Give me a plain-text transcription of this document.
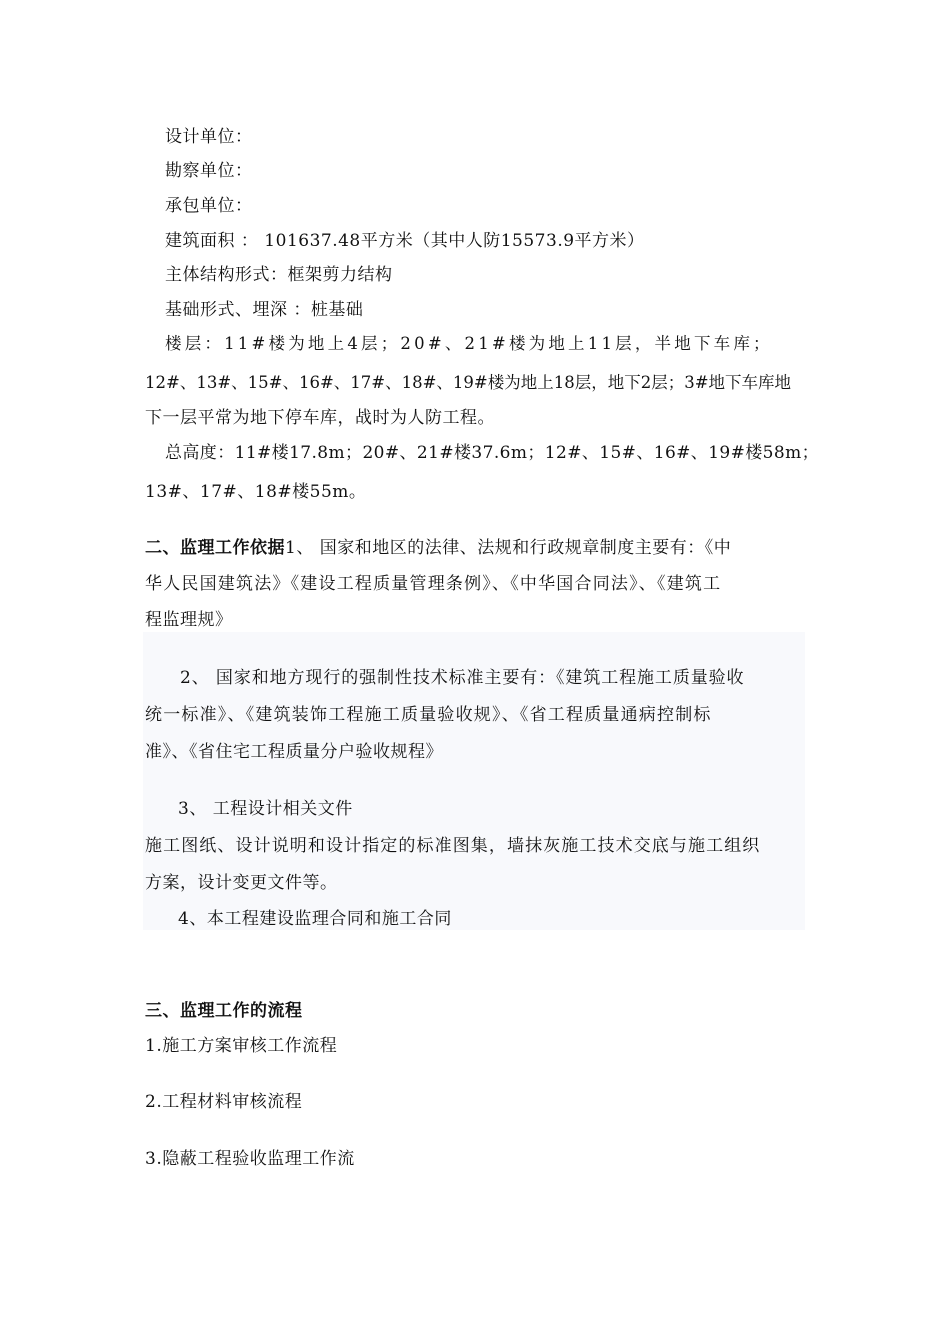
设计单位：
勘察单位：
承包单位：
建筑面积 ： 101637.48平方米（其中人防15573.9平方米）
主体结构形式：框架剪力结构
基础形式、埋深 ：桩基础
楼层：11#楼为地上4层；20#、21#楼为地上11层，半地下车库；
12#、13#、15#、16#、17#、18#、19#楼为地上18层，地下2层；3#地下车库地
下一层平常为地下停车库，战时为人防工程。
总高度：11#楼17.8m；20#、21#楼37.6m；12#、15#、16#、19#楼58m；
13#、17#、18#楼55m。
二、监理工作依据1、 国家和地区的法律、法规和行政规章制度主要有：《中
华人民国建筑法》《建设工程质量管理条例》、《中华国合同法》、《建筑工
程监理规》
2、 国家和地方现行的强制性技术标准主要有：《建筑工程施工质量验收
统一标准》、《建筑装饰工程施工质量验收规》、《省工程质量通病控制标
准》、《省住宅工程质量分户验收规程》
3、 工程设计相关文件
施工图纸、设计说明和设计指定的标准图集，墙抹灰施工技术交底与施工组织
方案，设计变更文件等。
4、本工程建设监理合同和施工合同
三、监理工作的流程
1.施工方案审核工作流程
2.工程材料审核流程
3.隐蔽工程验收监理工作流
